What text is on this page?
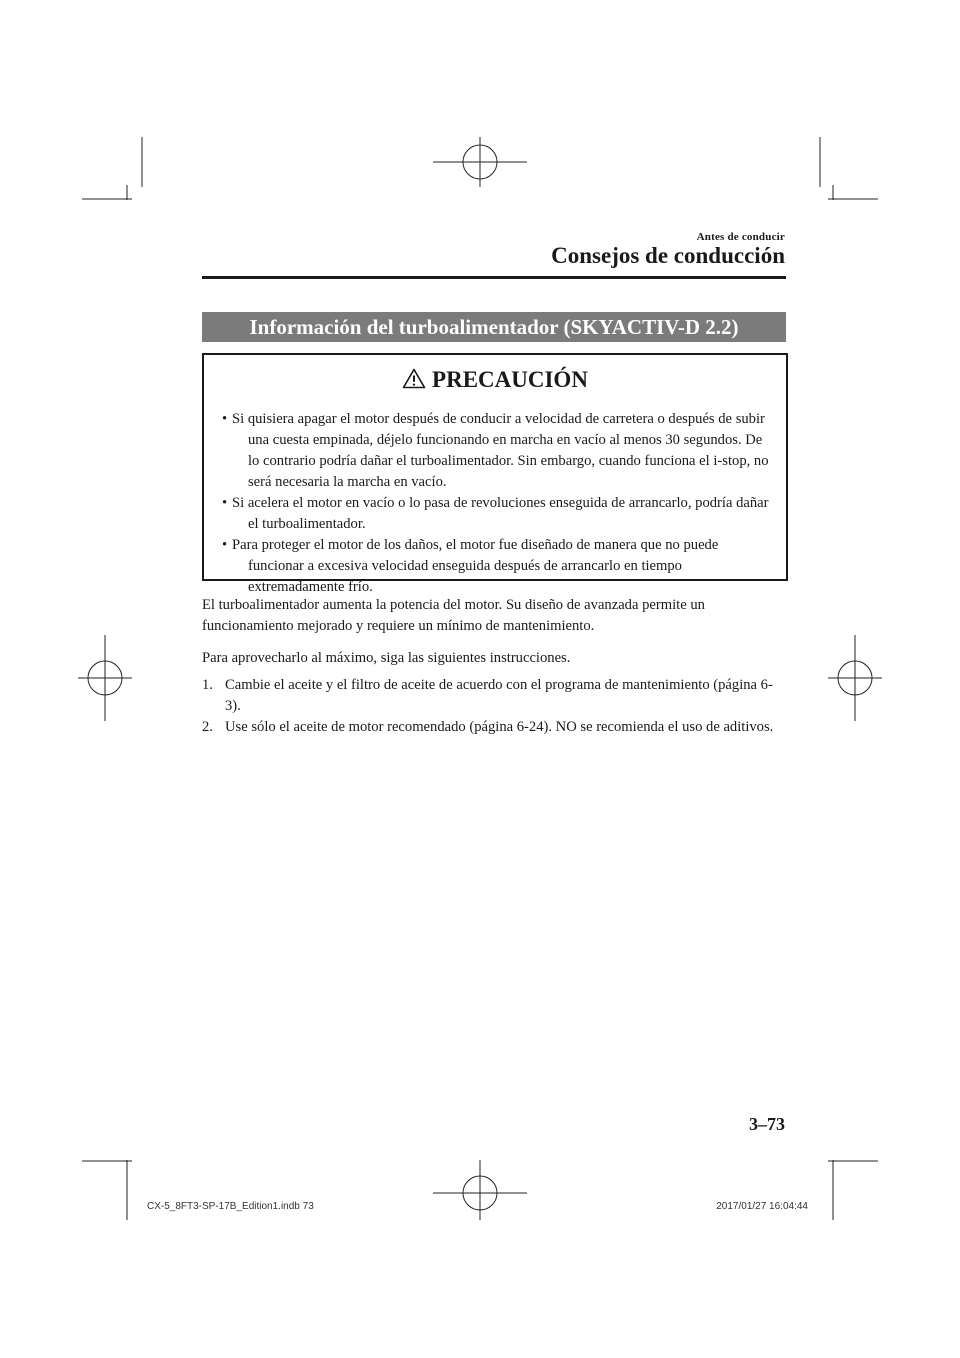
Antes de conducir
Consejos de conducción
Información del turboalimentador (SKYACTIV-D 2.2)
PRECAUCIÓN
• Si quisiera apagar el motor después de conducir a velocidad de carretera o después de subir una cuesta empinada, déjelo funcionando en marcha en vacío al menos 30 segundos. De lo contrario podría dañar el turboalimentador. Sin embargo, cuando funciona el i-stop, no será necesaria la marcha en vacío.
• Si acelera el motor en vacío o lo pasa de revoluciones enseguida de arrancarlo, podría dañar el turboalimentador.
• Para proteger el motor de los daños, el motor fue diseñado de manera que no puede funcionar a excesiva velocidad enseguida después de arrancarlo en tiempo extremadamente frío.

El turboalimentador aumenta la potencia del motor. Su diseño de avanzada permite un funcionamiento mejorado y requiere un mínimo de mantenimiento.

Para aprovecharlo al máximo, siga las siguientes instrucciones.

1. Cambie el aceite y el filtro de aceite de acuerdo con el programa de mantenimiento (página 6-3).
2. Use sólo el aceite de motor recomendado (página 6-24). NO se recomienda el uso de aditivos.
3–73
CX-5_8FT3-SP-17B_Edition1.indb 73	2017/01/27 16:04:44
